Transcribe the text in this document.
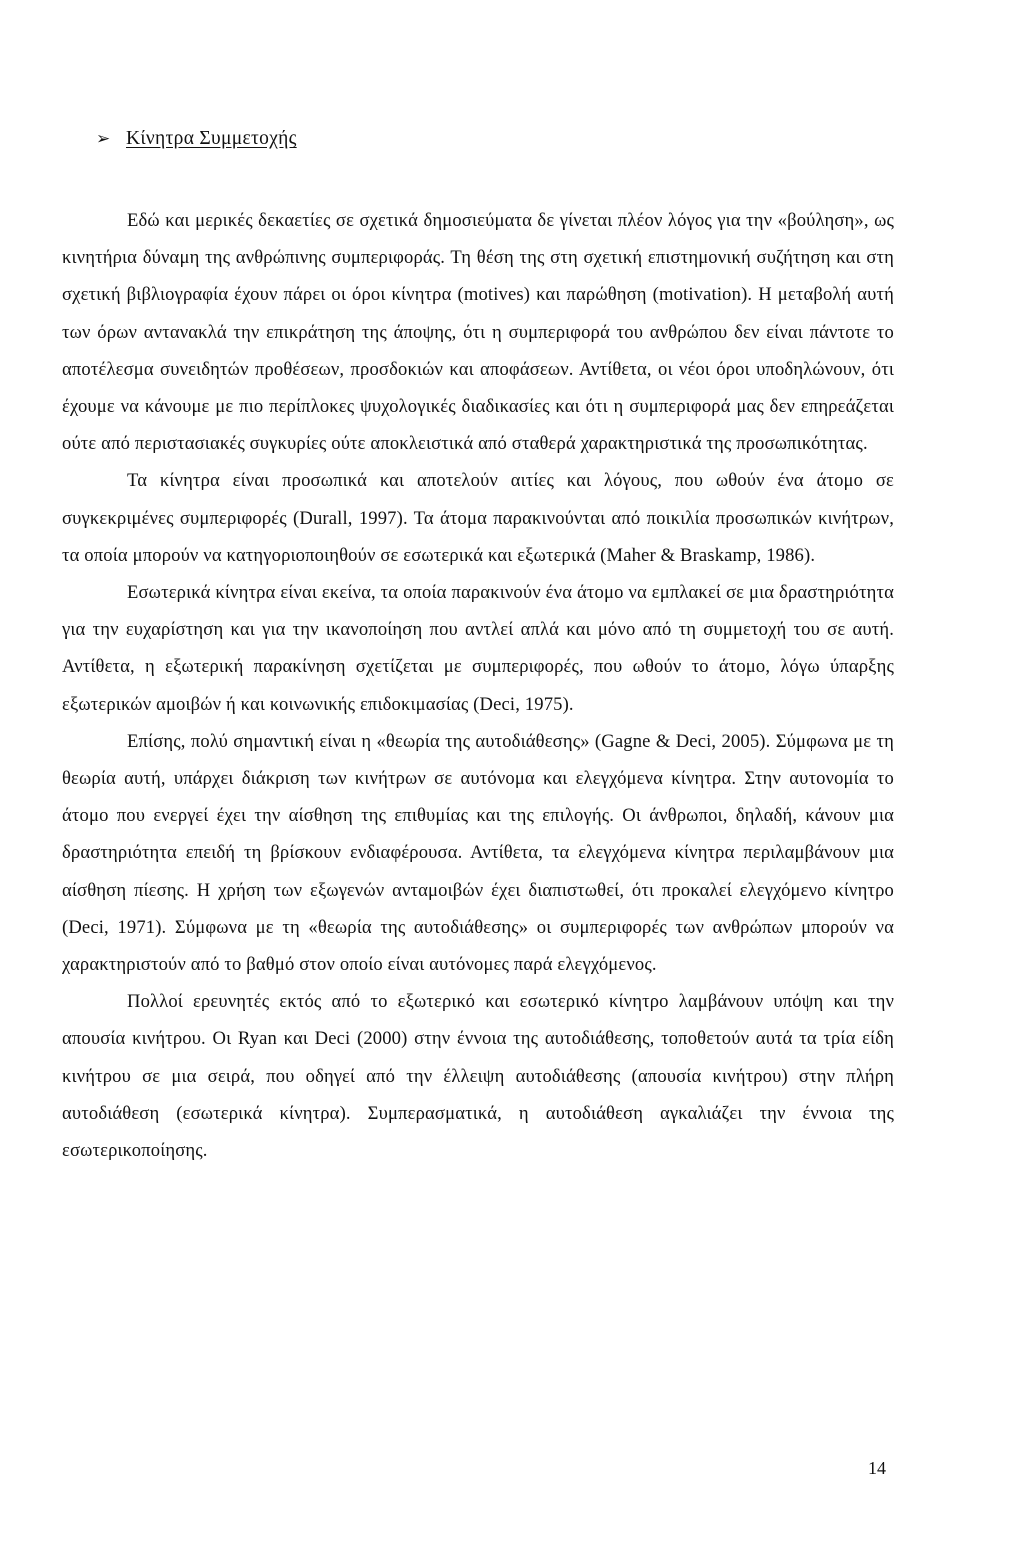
➢ Κίνητρα Συμμετοχής

Εδώ και μερικές δεκαετίες σε σχετικά δημοσιεύματα δε γίνεται πλέον λόγος για την «βούληση», ως κινητήρια δύναμη της ανθρώπινης συμπεριφοράς. Τη θέση της στη σχετική επιστημονική συζήτηση και στη σχετική βιβλιογραφία έχουν πάρει οι όροι κίνητρα (motives) και παρώθηση (motivation). Η μεταβολή αυτή των όρων αντανακλά την επικράτηση της άποψης, ότι η συμπεριφορά του ανθρώπου δεν είναι πάντοτε το αποτέλεσμα συνειδητών προθέσεων, προσδοκιών και αποφάσεων. Αντίθετα, οι νέοι όροι υποδηλώνουν, ότι έχουμε να κάνουμε με πιο περίπλοκες ψυχολογικές διαδικασίες και ότι η συμπεριφορά μας δεν επηρεάζεται ούτε από περιστασιακές συγκυρίες ούτε αποκλειστικά από σταθερά χαρακτηριστικά της προσωπικότητας.

Τα κίνητρα είναι προσωπικά και αποτελούν αιτίες και λόγους, που ωθούν ένα άτομο σε συγκεκριμένες συμπεριφορές (Durall, 1997). Τα άτομα παρακινούνται από ποικιλία προσωπικών κινήτρων, τα οποία μπορούν να κατηγοριοποιηθούν σε εσωτερικά και εξωτερικά (Maher & Braskamp, 1986).

Εσωτερικά κίνητρα είναι εκείνα, τα οποία παρακινούν ένα άτομο να εμπλακεί σε μια δραστηριότητα για την ευχαρίστηση και για την ικανοποίηση που αντλεί απλά και μόνο από τη συμμετοχή του σε αυτή. Αντίθετα, η εξωτερική παρακίνηση σχετίζεται με συμπεριφορές, που ωθούν το άτομο, λόγω ύπαρξης εξωτερικών αμοιβών ή και κοινωνικής επιδοκιμασίας (Deci, 1975).

Επίσης, πολύ σημαντική είναι η «θεωρία της αυτοδιάθεσης» (Gagne & Deci, 2005). Σύμφωνα με τη θεωρία αυτή, υπάρχει διάκριση των κινήτρων σε αυτόνομα και ελεγχόμενα κίνητρα. Στην αυτονομία το άτομο που ενεργεί έχει την αίσθηση της επιθυμίας και της επιλογής. Οι άνθρωποι, δηλαδή, κάνουν μια δραστηριότητα επειδή τη βρίσκουν ενδιαφέρουσα. Αντίθετα, τα ελεγχόμενα κίνητρα περιλαμβάνουν μια αίσθηση πίεσης. Η χρήση των εξωγενών ανταμοιβών έχει διαπιστωθεί, ότι προκαλεί ελεγχόμενο κίνητρο (Deci, 1971). Σύμφωνα με τη «θεωρία της αυτοδιάθεσης» οι συμπεριφορές των ανθρώπων μπορούν να χαρακτηριστούν από το βαθμό στον οποίο είναι αυτόνομες παρά ελεγχόμενος.

Πολλοί ερευνητές εκτός από το εξωτερικό και εσωτερικό κίνητρο λαμβάνουν υπόψη και την απουσία κινήτρου. Οι Ryan και Deci (2000) στην έννοια της αυτοδιάθεσης, τοποθετούν αυτά τα τρία είδη κινήτρου σε μια σειρά, που οδηγεί από την έλλειψη αυτοδιάθεσης (απουσία κινήτρου) στην πλήρη αυτοδιάθεση (εσωτερικά κίνητρα). Συμπερασματικά, η αυτοδιάθεση αγκαλιάζει την έννοια της εσωτερικοποίησης.

14
